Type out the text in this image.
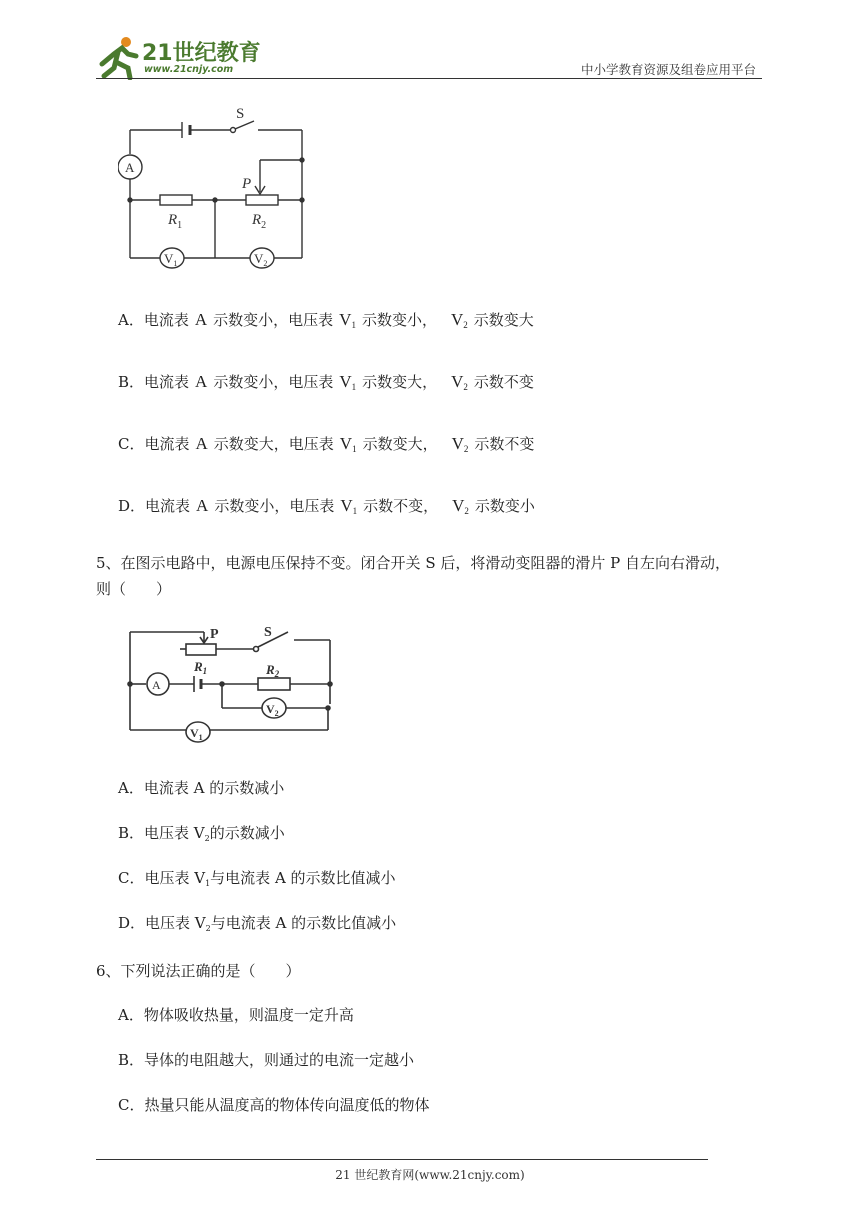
21世纪教育
www.21cnjy.com	中小学教育资源及组卷应用平台
S
A
P
$R_1$	$R_2$
$V_1$	$V_2$
A．电流表 A 示数变小，电压表 $V_1$ 示数变小， $V_2$ 示数变大
B．电流表 A 示数变小，电压表 $V_1$ 示数变大， $V_2$ 示数不变
C．电流表 A 示数变大，电压表 $V_1$ 示数变大， $V_2$ 示数不变
D．电流表 A 示数变小，电压表 $V_1$ 示数不变， $V_2$ 示数变小
5、在图示电路中，电源电压保持不变。闭合开关 S 后，将滑动变阻器的滑片 P 自左向右滑动，
则（　　）
P
$R_1$
S
A
$R_2$
$V_2$
$V_1$
A．电流表 A 的示数减小
B．电压表 $V_2$的示数减小
C．电压表 $V_1$与电流表 A 的示数比值减小
D．电压表 $V_2$与电流表 A 的示数比值减小
6、下列说法正确的是（　　）
A．物体吸收热量，则温度一定升高
B．导体的电阻越大，则通过的电流一定越小
C．热量只能从温度高的物体传向温度低的物体
21 世纪教育网(www.21cnjy.com)
